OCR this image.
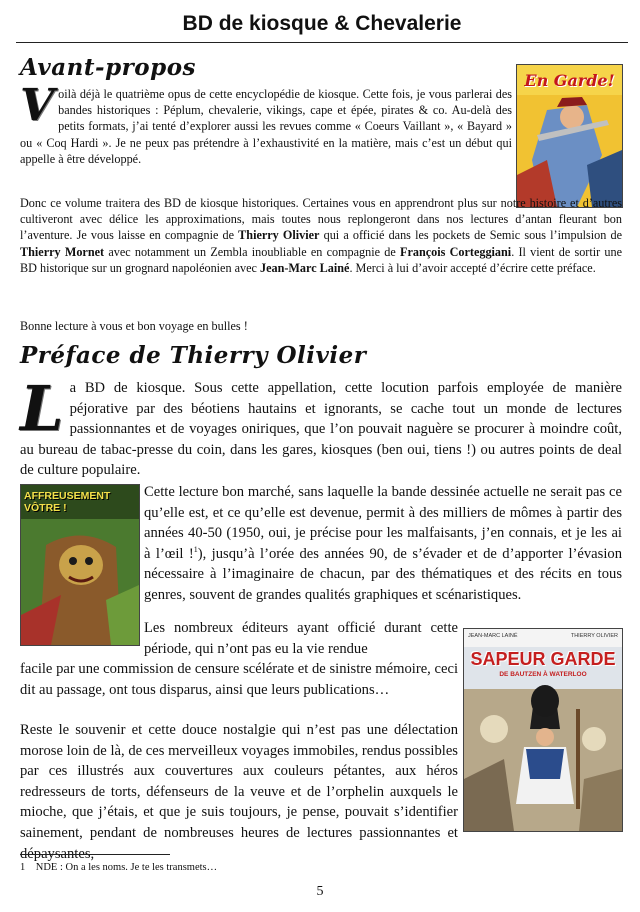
BD de kiosque & Chevalerie
Avant-propos	En Garde!
Voilà déjà le quatrième opus de cette encyclopédie de kiosque. Cette fois, je vous parlerai des bandes historiques : Péplum, chevalerie, vikings, cape et épée, pirates & co. Au-delà des petits formats, j’ai tenté d’explorer aussi les revues comme « Coeurs Vaillant », « Bayard » ou « Coq Hardi ». Je ne peux pas prétendre à l’exhaustivité en la matière, mais c’est un début qui appelle à être développé.
Donc ce volume traitera des BD de kiosque historiques. Certaines vous en apprendront plus sur notre histoire et d’autres cultiveront avec délice les approximations, mais toutes nous replongeront dans nos lectures d’antan fleurant bon l’aventure. Je vous laisse en compagnie de Thierry Olivier qui a officié dans les pockets de Semic sous l’impulsion de Thierry Mornet avec notamment un Zembla inoubliable en compagnie de François Corteggiani. Il vient de sortir une BD historique sur un grognard napoléonien avec Jean-Marc Lainé. Merci à lui d’avoir accepté d’écrire cette préface.
Bonne lecture à vous et bon voyage en bulles !
Préface de Thierry Olivier
La BD de kiosque. Sous cette appellation, cette locution parfois employée de manière péjorative par des béotiens hautains et ignorants, se cache tout un monde de lectures passionnantes et de voyages oniriques, que l’on pouvait naguère se procurer à moindre coût, au bureau de tabac-presse du coin, dans les gares, kiosques (ben oui, tiens !) ou autres points de deal de culture populaire.
AFFREUSEMENT VÔTRE !
Cette lecture bon marché, sans laquelle la bande dessinée actuelle ne serait pas ce qu’elle est, et ce qu’elle est devenue, permit à des milliers de mômes à partir des années 40-50 (1950, oui, je précise pour les malfaisants, j’en connais, et je les ai à l’œil !$^1$), jusqu’à l’orée des années 90, de s’évader et de d’apporter l’évasion nécessaire à l’imaginaire de chacun, par des thématiques et des récits en tous genres, souvent de grandes qualités graphiques et scénaristiques.
JEAN-MARC LAINÉ	THIERRY OLIVIER
SAPEUR GARDE
DE BAUTZEN À WATERLOO
Les nombreux éditeurs ayant officié durant cette période, qui n’ont pas eu la vie rendue
facile par une commission de censure scélérate et de sinistre mémoire, ceci dit au passage, ont tous disparus, ainsi que leurs publications…
Reste le souvenir et cette douce nostalgie qui n’est pas une délectation morose loin de là, de ces merveilleux voyages immobiles, rendus possibles par ces illustrés aux couvertures aux couleurs pétantes, aux héros redresseurs de torts, défenseurs de la veuve et de l’orphelin auxquels le mioche, que j’étais, et que je suis toujours, je pense, pouvait s’identifier sainement, pendant de nombreuses heures de lectures passionnantes et dépaysantes,
1 NDE : On a les noms. Je te les transmets…
5
